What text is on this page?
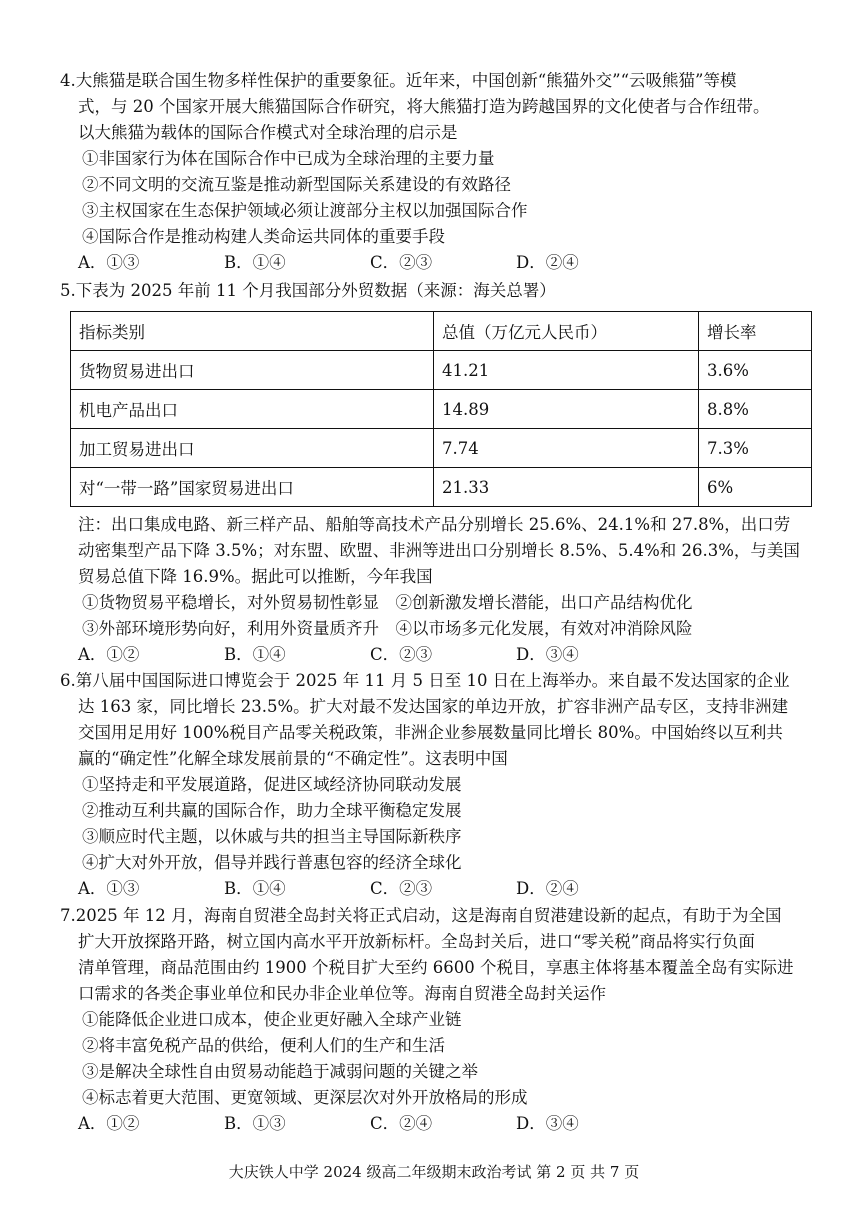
4.大熊猫是联合国生物多样性保护的重要象征。近年来，中国创新“熊猫外交”“云吸熊猫”等模
式，与 20 个国家开展大熊猫国际合作研究，将大熊猫打造为跨越国界的文化使者与合作纽带。
以大熊猫为载体的国际合作模式对全球治理的启示是
①非国家行为体在国际合作中已成为全球治理的主要力量
②不同文明的交流互鉴是推动新型国际关系建设的有效路径
③主权国家在生态保护领域必须让渡部分主权以加强国际合作
④国际合作是推动构建人类命运共同体的重要手段
A．①③	B．①④	C．②③	D．②④
5.下表为 2025 年前 11 个月我国部分外贸数据（来源：海关总署）
指标类别	总值（万亿元人民币）	增长率
货物贸易进出口	41.21	3.6%
机电产品出口	14.89	8.8%
加工贸易进出口	7.74	7.3%
对“一带一路”国家贸易进出口	21.33	6%
注：出口集成电路、新三样产品、船舶等高技术产品分别增长 25.6%、24.1%和 27.8%，出口劳
动密集型产品下降 3.5%；对东盟、欧盟、非洲等进出口分别增长 8.5%、5.4%和 26.3%，与美国
贸易总值下降 16.9%。据此可以推断，今年我国
①货物贸易平稳增长，对外贸易韧性彰显　②创新激发增长潜能，出口产品结构优化
③外部环境形势向好，利用外资量质齐升　④以市场多元化发展，有效对冲消除风险
A．①②	B．①④	C．②③	D．③④
6.第八届中国国际进口博览会于 2025 年 11 月 5 日至 10 日在上海举办。来自最不发达国家的企业
达 163 家，同比增长 23.5%。扩大对最不发达国家的单边开放，扩容非洲产品专区，支持非洲建
交国用足用好 100%税目产品零关税政策，非洲企业参展数量同比增长 80%。中国始终以互利共
赢的“确定性”化解全球发展前景的“不确定性”。这表明中国
①坚持走和平发展道路，促进区域经济协同联动发展
②推动互利共赢的国际合作，助力全球平衡稳定发展
③顺应时代主题，以休戚与共的担当主导国际新秩序
④扩大对外开放，倡导并践行普惠包容的经济全球化
A．①③	B．①④	C．②③	D．②④
7.2025 年 12 月，海南自贸港全岛封关将正式启动，这是海南自贸港建设新的起点，有助于为全国
扩大开放探路开路，树立国内高水平开放新标杆。全岛封关后，进口“零关税”商品将实行负面
清单管理，商品范围由约 1900 个税目扩大至约 6600 个税目，享惠主体将基本覆盖全岛有实际进
口需求的各类企事业单位和民办非企业单位等。海南自贸港全岛封关运作
①能降低企业进口成本，使企业更好融入全球产业链
②将丰富免税产品的供给，便利人们的生产和生活
③是解决全球性自由贸易动能趋于减弱问题的关键之举
④标志着更大范围、更宽领域、更深层次对外开放格局的形成
A．①②	B．①③	C．②④	D．③④
大庆铁人中学 2024 级高二年级期末政治考试 第 2 页 共 7 页
